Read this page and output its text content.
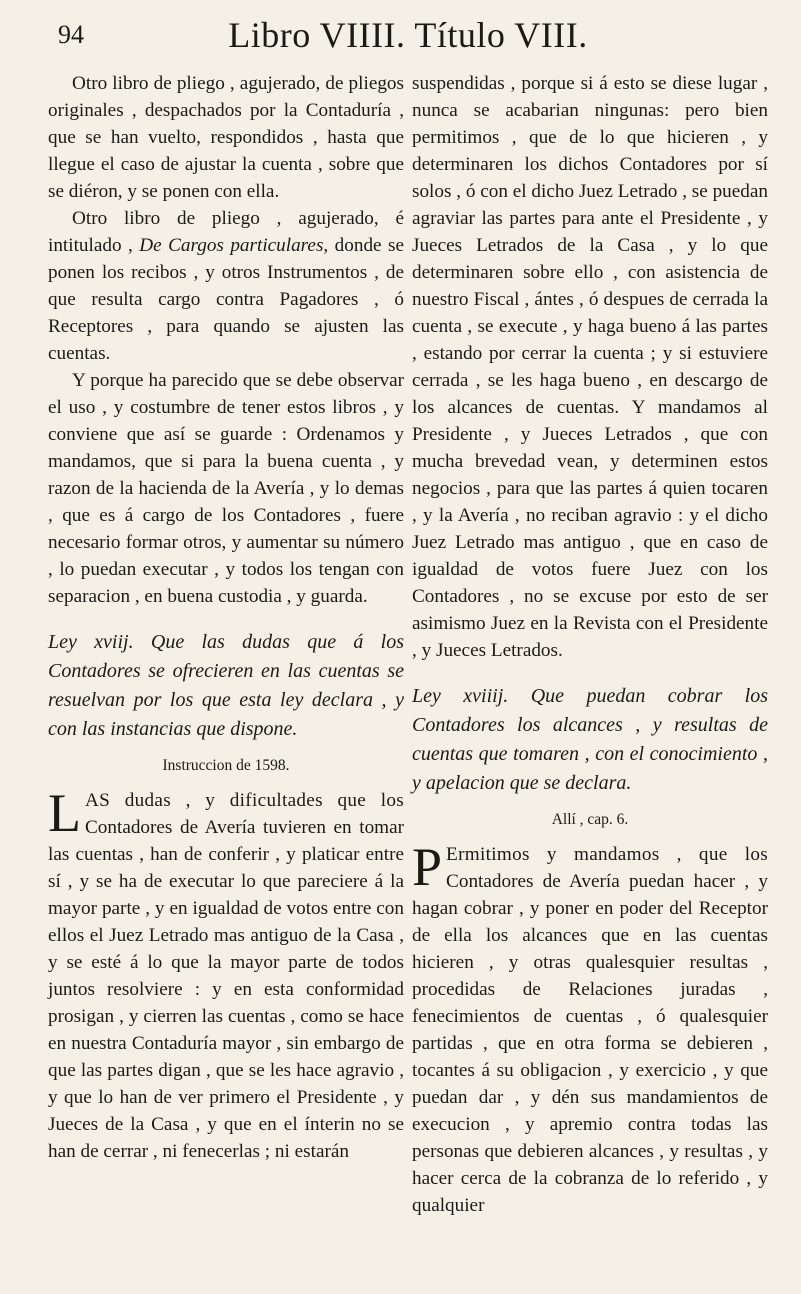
94	Libro VIIII. Título VIII.

Otro libro de pliego , agujerado, de pliegos originales , despachados por la Contaduría , que se han vuelto, respondidos , hasta que llegue el caso de ajustar la cuenta , sobre que se diéron, y se ponen con ella.

Otro libro de pliego , agujerado, é intitulado , De Cargos particulares, donde se ponen los recibos , y otros Instrumentos , de que resulta cargo contra Pagadores , ó Receptores , para quando se ajusten las cuentas.

Y porque ha parecido que se debe observar el uso , y costumbre de tener estos libros , y conviene que así se guarde : Ordenamos y mandamos, que si para la buena cuenta , y razon de la hacienda de la Avería , y lo demas , que es á cargo de los Contadores , fuere necesario formar otros, y aumentar su número , lo puedan executar , y todos los tengan con separacion , en buena custodia , y guarda.

Ley xviij. Que las dudas que á los Contadores se ofrecieren en las cuentas se resuelvan por los que esta ley declara , y con las instancias que dispone.

Instruccion de 1598.

LAS dudas , y dificultades que los Contadores de Avería tuvieren en tomar las cuentas , han de conferir , y platicar entre sí , y se ha de executar lo que pareciere á la mayor parte , y en igualdad de votos entre con ellos el Juez Letrado mas antiguo de la Casa , y se esté á lo que la mayor parte de todos juntos resolviere : y en esta conformidad prosigan , y cierren las cuentas , como se hace en nuestra Contaduría mayor , sin embargo de que las partes digan , que se les hace agravio , y que lo han de ver primero el Presidente , y Jueces de la Casa , y que en el ínterin no se han de cerrar , ni fenecerlas ; ni estarán

suspendidas , porque si á esto se diese lugar , nunca se acabarian ningunas: pero bien permitimos , que de lo que hicieren , y determinaren los dichos Contadores por sí solos , ó con el dicho Juez Letrado , se puedan agraviar las partes para ante el Presidente , y Jueces Letrados de la Casa , y lo que determinaren sobre ello , con asistencia de nuestro Fiscal , ántes , ó despues de cerrada la cuenta , se execute , y haga bueno á las partes , estando por cerrar la cuenta ; y si estuviere cerrada , se les haga bueno , en descargo de los alcances de cuentas. Y mandamos al Presidente , y Jueces Letrados , que con mucha brevedad vean, y determinen estos negocios , para que las partes á quien tocaren , y la Avería , no reciban agravio : y el dicho Juez Letrado mas antiguo , que en caso de igualdad de votos fuere Juez con los Contadores , no se excuse por esto de ser asimismo Juez en la Revista con el Presidente , y Jueces Letrados.

Ley xviiij. Que puedan cobrar los Contadores los alcances , y resultas de cuentas que tomaren , con el conocimiento , y apelacion que se declara.

Allí , cap. 6.

P Ermitimos y mandamos , que los Contadores de Avería puedan hacer , y hagan cobrar , y poner en poder del Receptor de ella los alcances que en las cuentas hicieren , y otras qualesquier resultas , procedidas de Relaciones juradas , fenecimientos de cuentas , ó qualesquier partidas , que en otra forma se debieren , tocantes á su obligacion , y exercicio , y que puedan dar , y dén sus mandamientos de execucion , y apremio contra todas las personas que debieren alcances , y resultas , y hacer cerca de la cobranza de lo referido , y qualquier
